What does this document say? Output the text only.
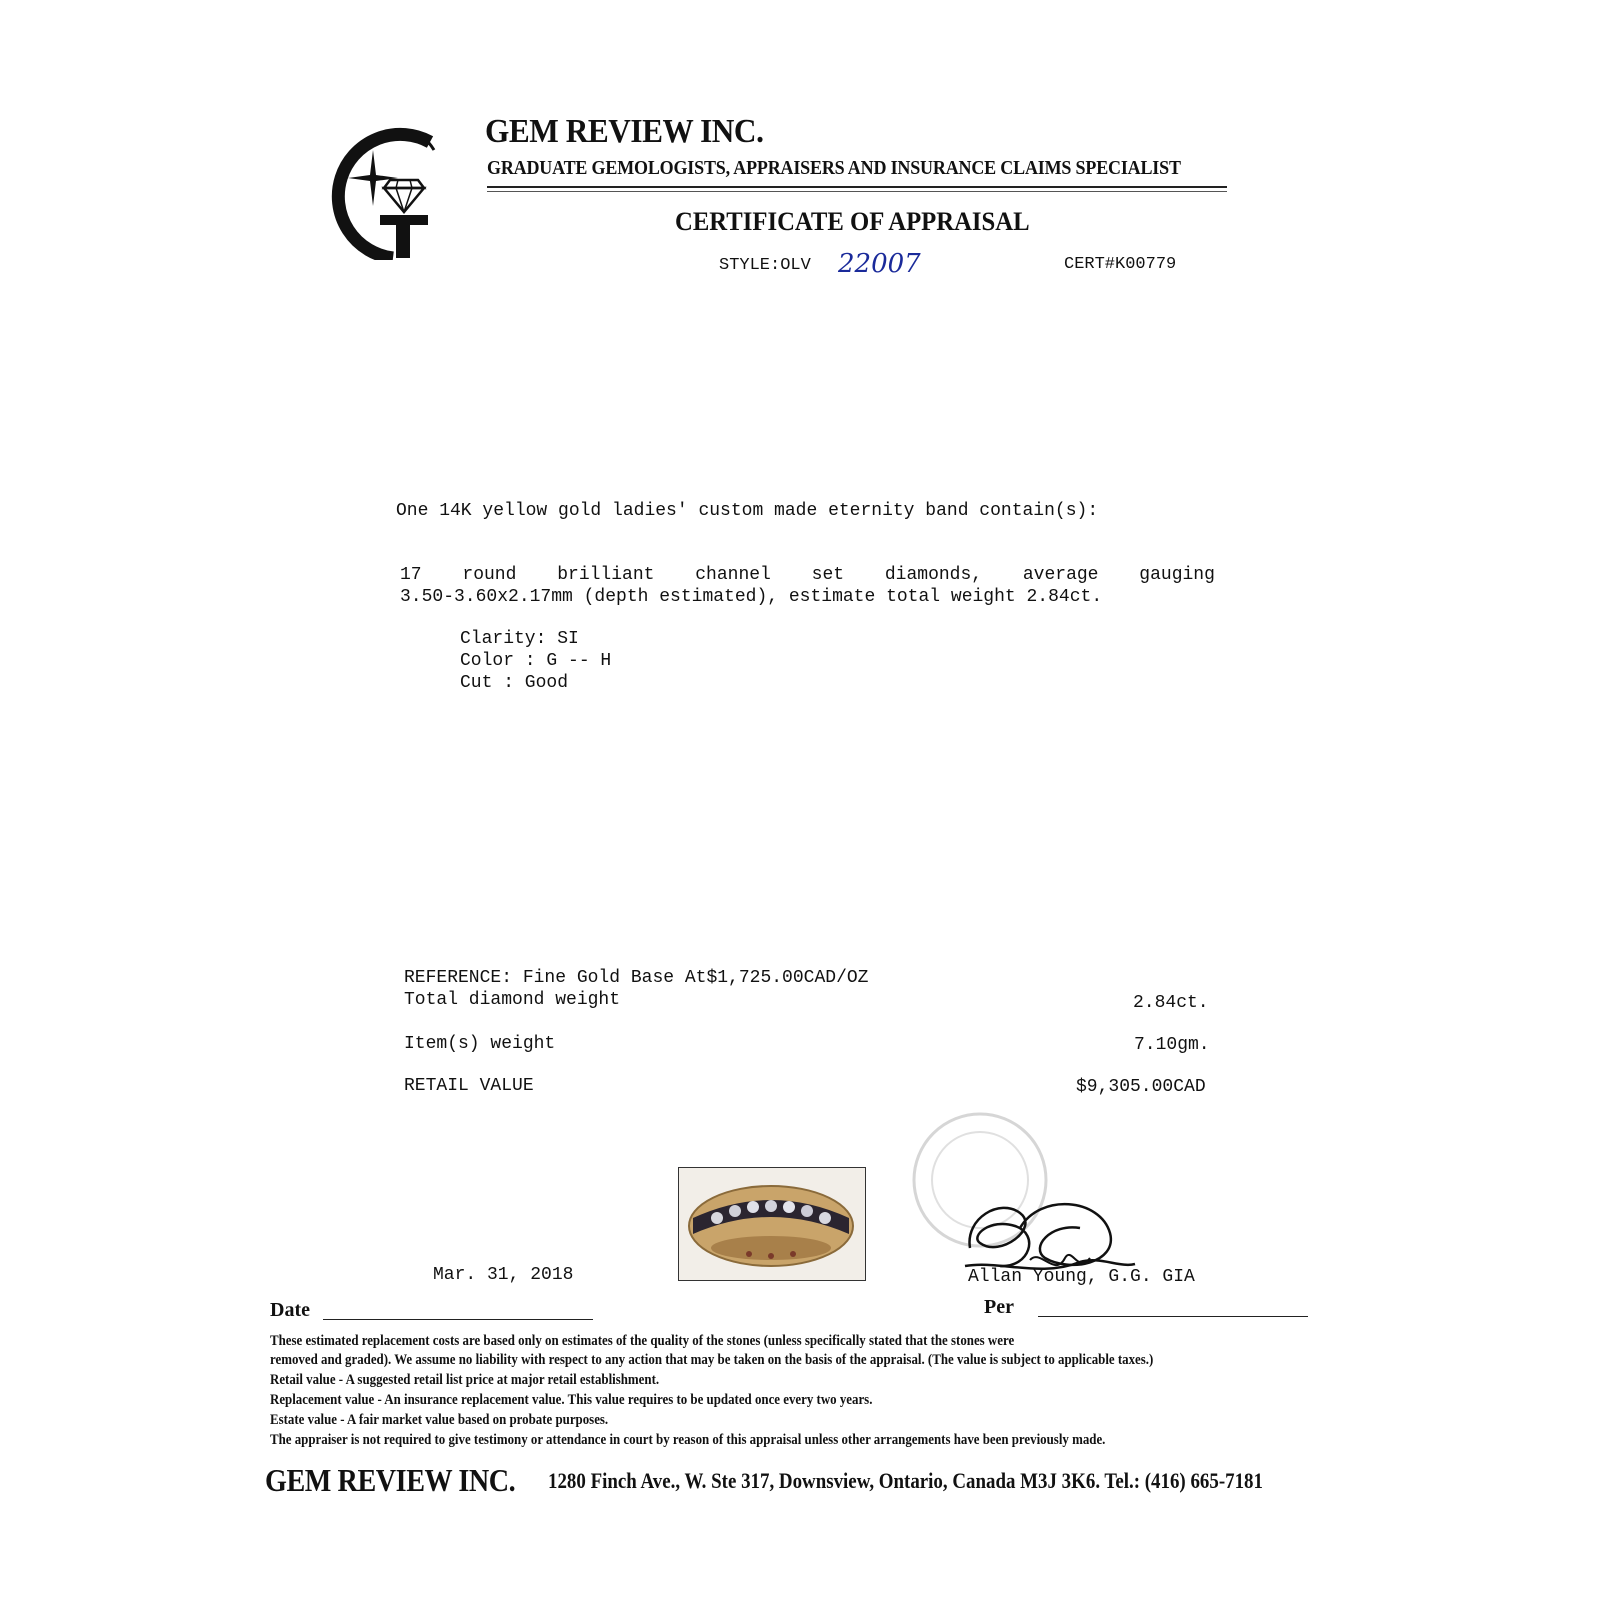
GEM REVIEW INC.
GRADUATE GEMOLOGISTS, APPRAISERS AND INSURANCE CLAIMS SPECIALIST
CERTIFICATE OF APPRAISAL
STYLE:OLV 22007	CERT#K00779
One 14K yellow gold ladies' custom made eternity band contain(s):
17 round brilliant channel set diamonds, average gauging
3.50-3.60x2.17mm (depth estimated), estimate total weight 2.84ct.
Clarity: SI
Color : G -- H
Cut : Good
REFERENCE: Fine Gold Base At$1,725.00CAD/OZ
Total diamond weight	2.84ct.
Item(s) weight	7.10gm.
RETAIL VALUE	$9,305.00CAD
Mar. 31, 2018	Allan Young, G.G. GIA
Date	Per
These estimated replacement costs are based only on estimates of the quality of the stones (unless specifically stated that the stones were
removed and graded). We assume no liability with respect to any action that may be taken on the basis of the appraisal. (The value is subject to applicable taxes.)
Retail value - A suggested retail list price at major retail establishment.
Replacement value - An insurance replacement value. This value requires to be updated once every two years.
Estate value - A fair market value based on probate purposes.
The appraiser is not required to give testimony or attendance in court by reason of this appraisal unless other arrangements have been previously made.
GEM REVIEW INC. 1280 Finch Ave., W. Ste 317, Downsview, Ontario, Canada M3J 3K6. Tel.: (416) 665-7181
